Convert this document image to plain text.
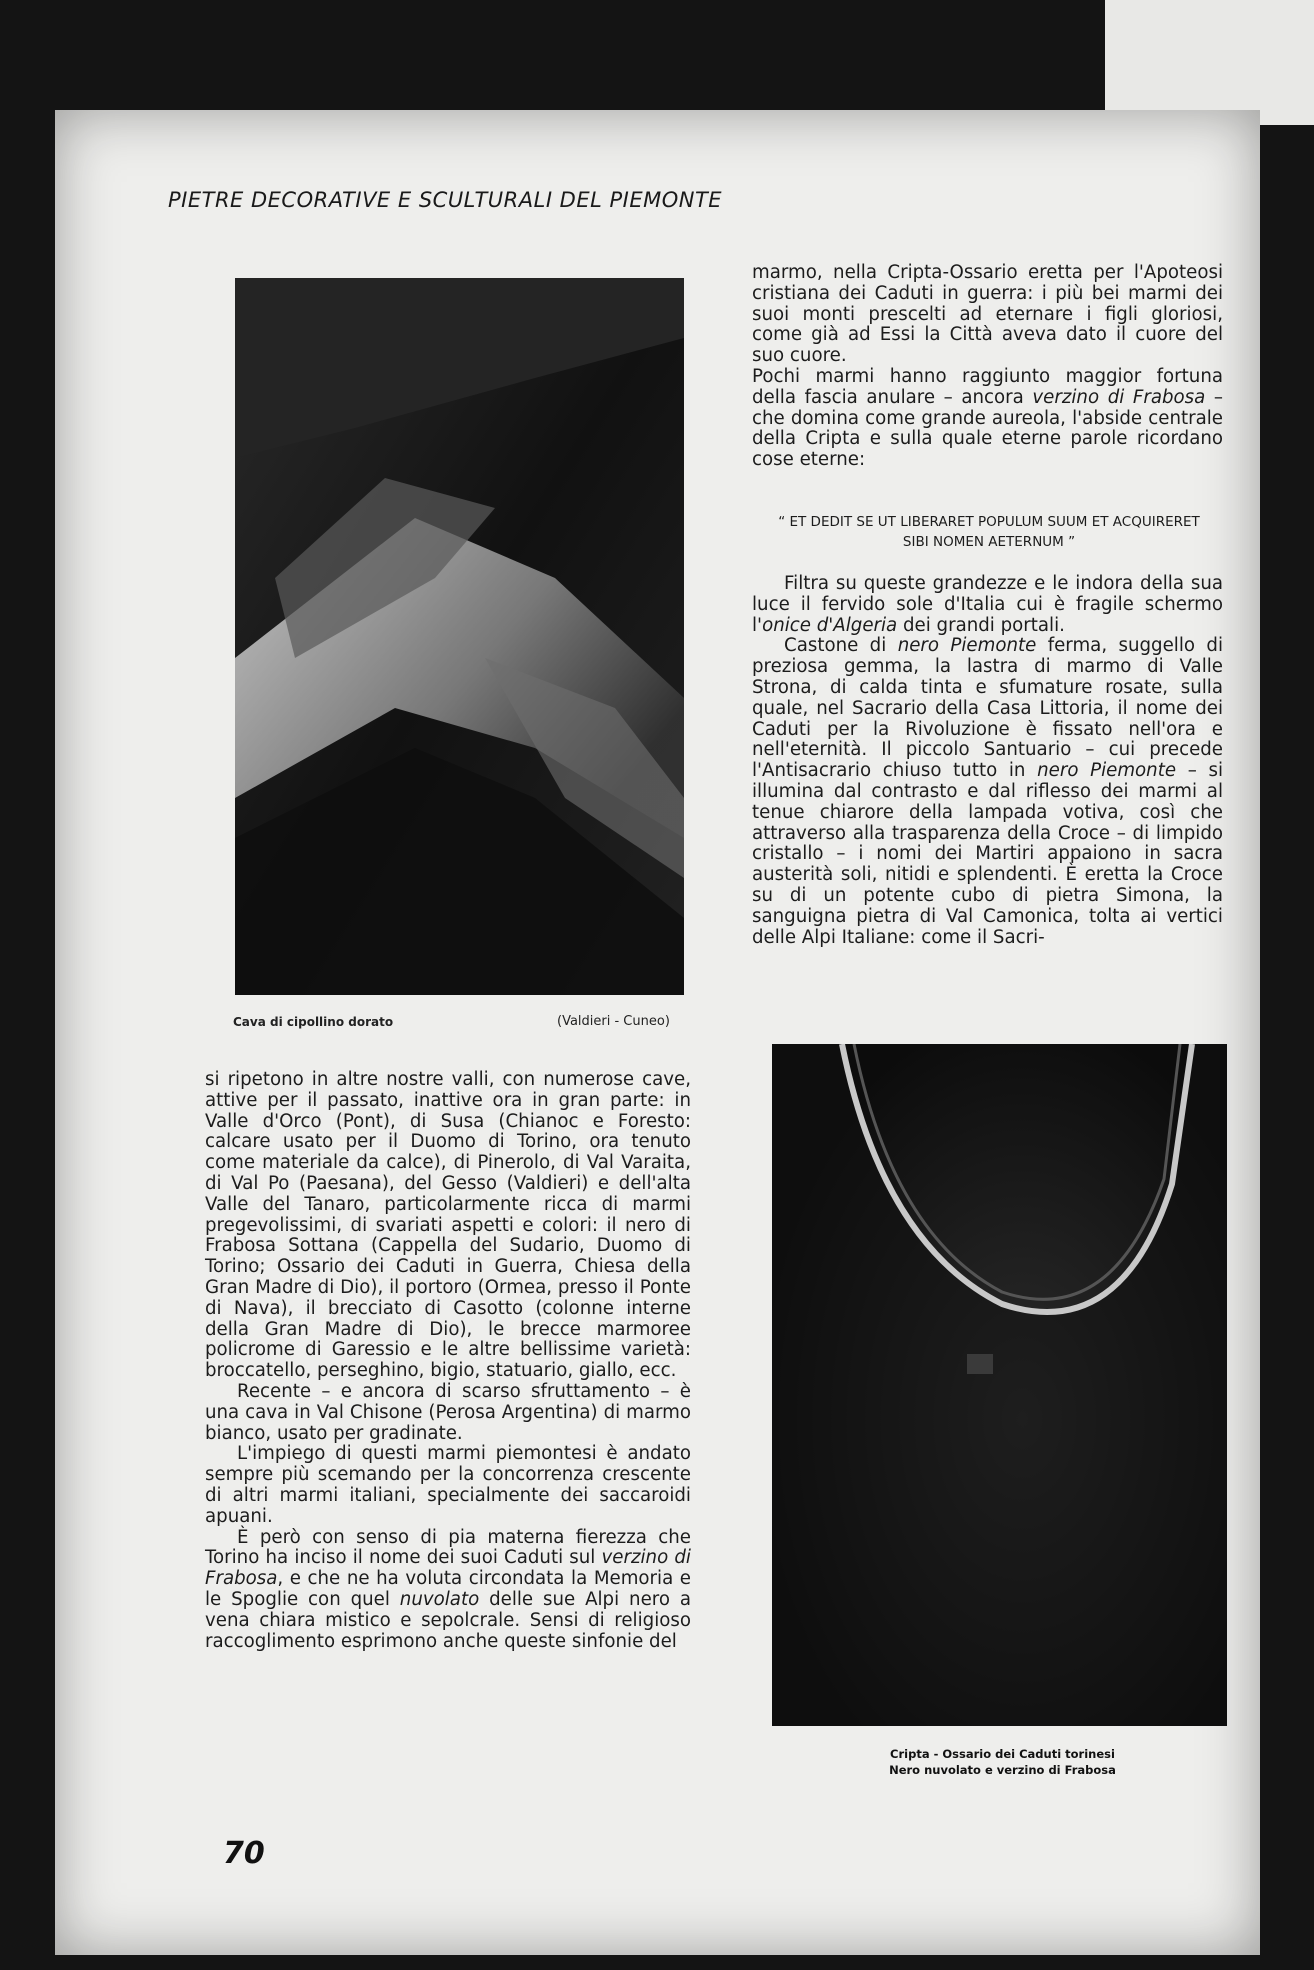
PIETRE DECORATIVE E SCULTURALI DEL PIEMONTE
Cava di cipollino dorato	(Valdieri - Cuneo)

marmo, nella Cripta-Ossario eretta per l'Apoteosi cristiana dei Caduti in guerra: i più bei marmi dei suoi monti prescelti ad eternare i figli gloriosi, come già ad Essi la Città aveva dato il cuore del suo cuore.

Pochi marmi hanno raggiunto maggior fortuna della fascia anulare – ancora verzino di Frabosa – che domina come grande aureola, l'abside centrale della Cripta e sulla quale eterne parole ricordano cose eterne:

“ ET DEDIT SE UT LIBERARET POPULUM SUUM ET ACQUIRERET
SIBI NOMEN AETERNUM ”

Filtra su queste grandezze e le indora della sua luce il fervido sole d'Italia cui è fragile schermo l'onice d'Algeria dei grandi portali.

Castone di nero Piemonte ferma, suggello di preziosa gemma, la lastra di marmo di Valle Strona, di calda tinta e sfumature rosate, sulla quale, nel Sacrario della Casa Littoria, il nome dei Caduti per la Rivoluzione è fissato nell'ora e nell'eternità. Il piccolo Santuario – cui precede l'Antisacrario chiuso tutto in nero Piemonte – si illumina dal contrasto e dal riflesso dei marmi al tenue chiarore della lampada votiva, così che attraverso alla trasparenza della Croce – di limpido cristallo – i nomi dei Martiri appaiono in sacra austerità soli, nitidi e splendenti. È eretta la Croce su di un potente cubo di pietra Simona, la sanguigna pietra di Val Camonica, tolta ai vertici delle Alpi Italiane: come il Sacri-

si ripetono in altre nostre valli, con numerose cave, attive per il passato, inattive ora in gran parte: in Valle d'Orco (Pont), di Susa (Chianoc e Foresto: calcare usato per il Duomo di Torino, ora tenuto come materiale da calce), di Pinerolo, di Val Varaita, di Val Po (Paesana), del Gesso (Valdieri) e dell'alta Valle del Tanaro, particolarmente ricca di marmi pregevolissimi, di svariati aspetti e colori: il nero di Frabosa Sottana (Cappella del Sudario, Duomo di Torino; Ossario dei Caduti in Guerra, Chiesa della Gran Madre di Dio), il portoro (Ormea, presso il Ponte di Nava), il brecciato di Casotto (colonne interne della Gran Madre di Dio), le brecce marmoree policrome di Garessio e le altre bellissime varietà: broccatello, perseghino, bigio, statuario, giallo, ecc.

Recente – e ancora di scarso sfruttamento – è una cava in Val Chisone (Perosa Argentina) di marmo bianco, usato per gradinate.

L'impiego di questi marmi piemontesi è andato sempre più scemando per la concorrenza crescente di altri marmi italiani, specialmente dei saccaroidi apuani.

È però con senso di pia materna fierezza che Torino ha inciso il nome dei suoi Caduti sul verzino di Frabosa, e che ne ha voluta circondata la Memoria e le Spoglie con quel nuvolato delle sue Alpi nero a vena chiara mistico e sepolcrale. Sensi di religioso raccoglimento esprimono anche queste sinfonie del

Cripta - Ossario dei Caduti torinesi
Nero nuvolato e verzino di Frabosa
70
